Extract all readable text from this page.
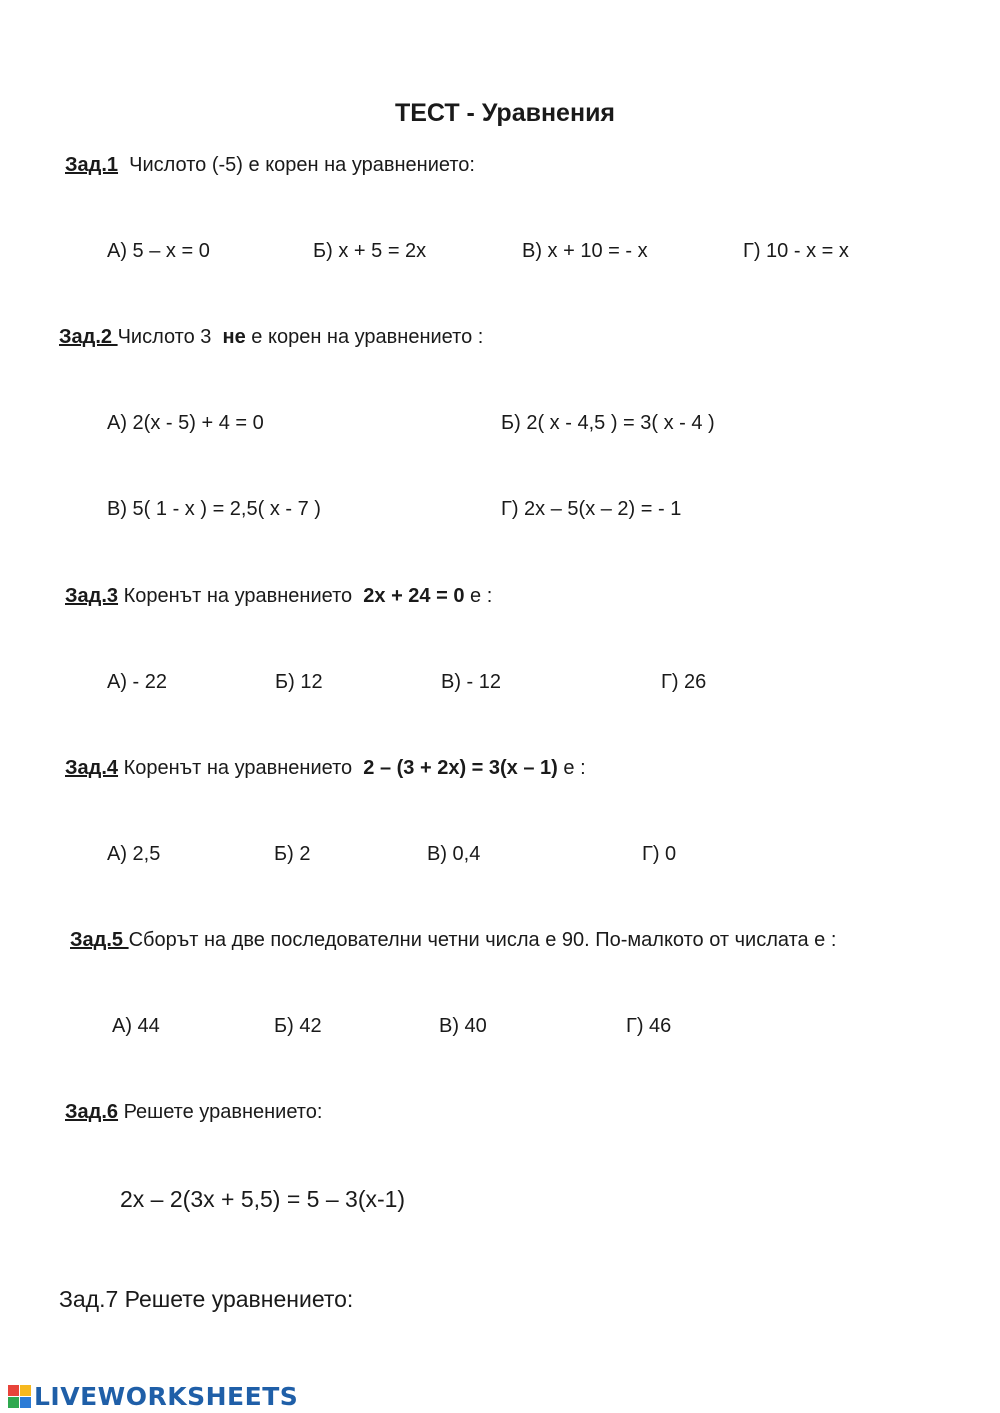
ТЕСТ - Уравнения
Зад.1 Числото (-5) е корен на уравнението:
А) 5 – х = 0	Б) х + 5 = 2х	В) х + 10 = - х	Г) 10 - х = х
Зад.2 Числото 3  не е корен на уравнението :
А) 2(х - 5) + 4 = 0	Б) 2( х - 4,5 ) = 3( х - 4 )
В) 5( 1 - х ) = 2,5( х - 7 )	Г) 2х – 5(х – 2) = - 1
Зад.3 Коренът на уравнението  2х + 24 = 0 е :
А) - 22	Б) 12	В) - 12	Г) 26
Зад.4 Коренът на уравнението  2 – (3 + 2х) = 3(х – 1) е :
А) 2,5	Б) 2	В) 0,4	Г) 0
Зад.5 Сборът на две последователни четни числа е 90. По-малкото от числата е :
А) 44	Б) 42	В) 40	Г) 46
Зад.6 Решете уравнението:
2х – 2(3х + 5,5) = 5 – 3(х-1)
Зад.7 Решете уравнението:
LIVEWORKSHEETS
